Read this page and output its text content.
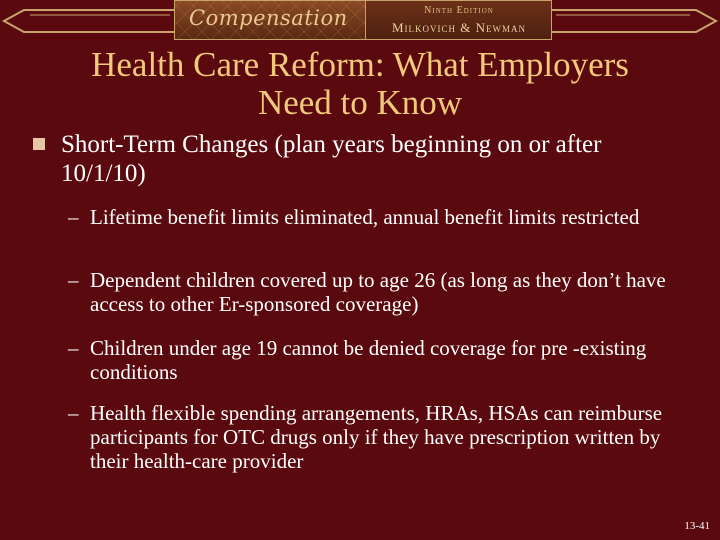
Compensation	Ninth Edition
Milkovich & Newman
Health Care Reform: What Employers
Need to Know
Short-Term Changes (plan years beginning on or after 10/1/10)
– Lifetime benefit limits eliminated, annual benefit limits restricted
– Dependent children covered up to age 26 (as long as they don’t have access to other Er-sponsored coverage)
– Children under age 19 cannot be denied coverage for pre -existing conditions
– Health flexible spending arrangements, HRAs, HSAs can reimburse participants for OTC drugs only if they have prescription written by their health-care provider
13-41
